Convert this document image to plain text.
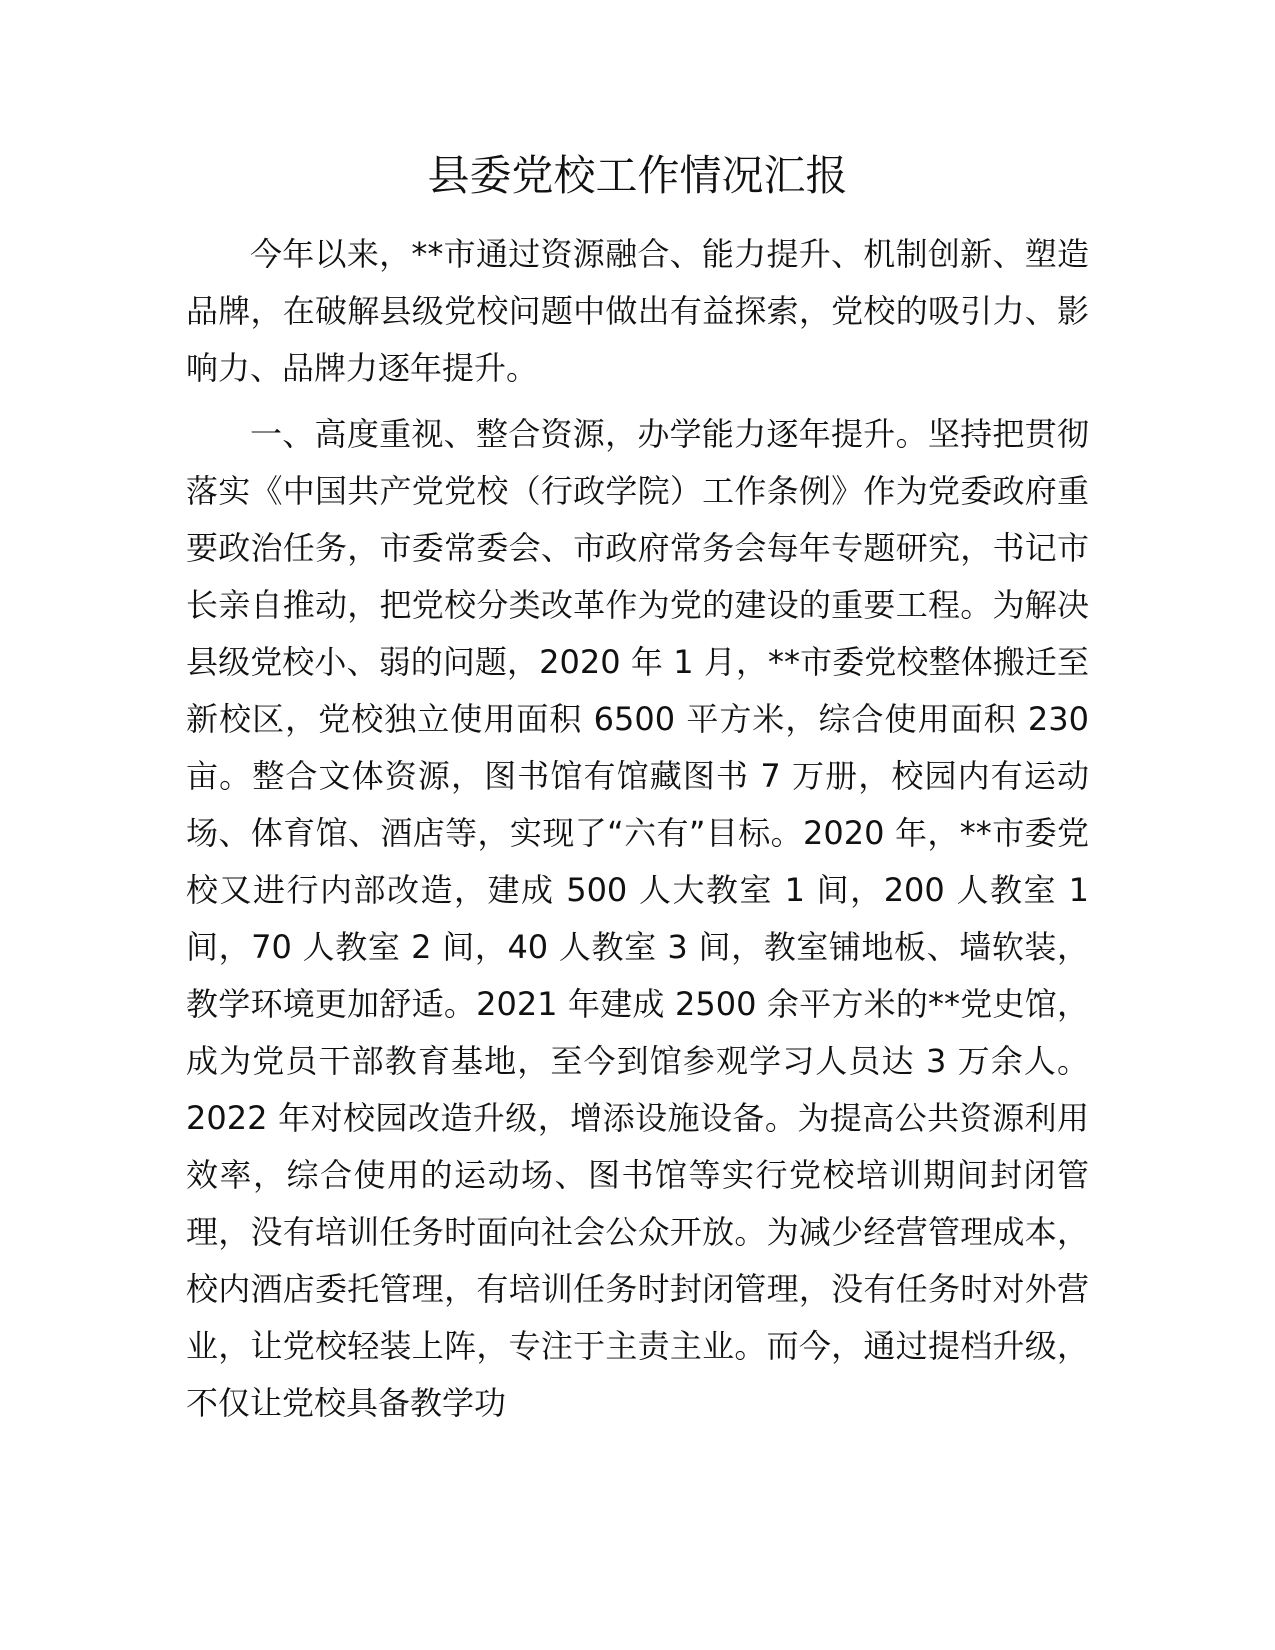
县委党校工作情况汇报

今年以来，**市通过资源融合、能力提升、机制创新、塑造品牌，在破解县级党校问题中做出有益探索，党校的吸引力、影响力、品牌力逐年提升。

一、高度重视、整合资源，办学能力逐年提升。坚持把贯彻落实《中国共产党党校（行政学院）工作条例》作为党委政府重要政治任务，市委常委会、市政府常务会每年专题研究，书记市长亲自推动，把党校分类改革作为党的建设的重要工程。为解决县级党校小、弱的问题，2020 年 1 月，**市委党校整体搬迁至新校区，党校独立使用面积 6500 平方米，综合使用面积 230 亩。整合文体资源，图书馆有馆藏图书 7 万册，校园内有运动场、体育馆、酒店等，实现了“六有”目标。2020 年，**市委党校又进行内部改造，建成 500 人大教室 1 间，200 人教室 1 间，70 人教室 2 间，40 人教室 3 间，教室铺地板、墙软装，教学环境更加舒适。2021 年建成 2500 余平方米的**党史馆，成为党员干部教育基地，至今到馆参观学习人员达 3 万余人。2022 年对校园改造升级，增添设施设备。为提高公共资源利用效率，综合使用的运动场、图书馆等实行党校培训期间封闭管理，没有培训任务时面向社会公众开放。为减少经营管理成本，校内酒店委托管理，有培训任务时封闭管理，没有任务时对外营业，让党校轻装上阵，专注于主责主业。而今，通过提档升级，不仅让党校具备教学功
